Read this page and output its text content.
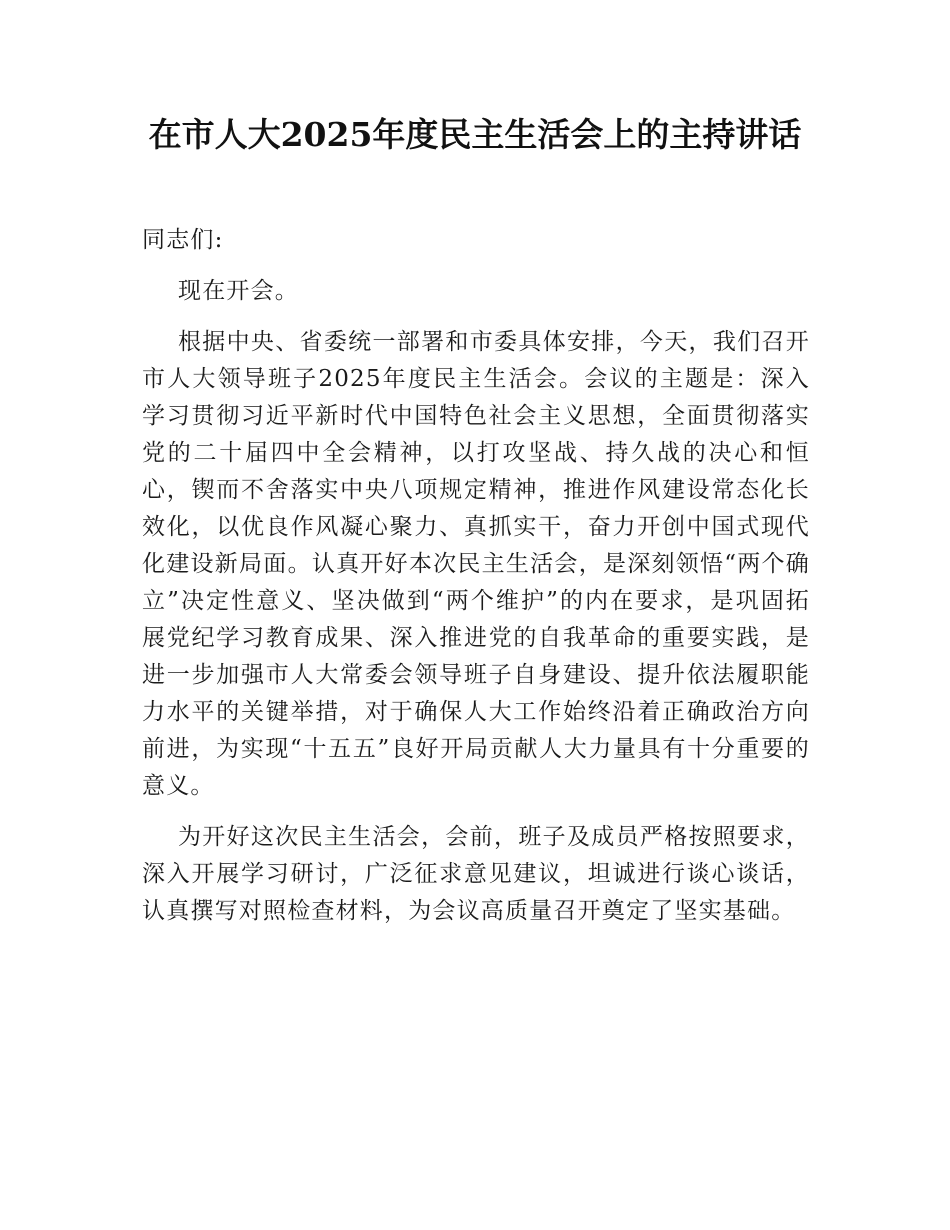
在市人大2025年度民主生活会上的主持讲话

同志们:

现在开会。

根据中央、省委统一部署和市委具体安排，今天，我们召开市人大领导班子2025年度民主生活会。会议的主题是：深入学习贯彻习近平新时代中国特色社会主义思想，全面贯彻落实党的二十届四中全会精神，以打攻坚战、持久战的决心和恒心，锲而不舍落实中央八项规定精神，推进作风建设常态化长效化，以优良作风凝心聚力、真抓实干，奋力开创中国式现代化建设新局面。认真开好本次民主生活会，是深刻领悟“两个确立”决定性意义、坚决做到“两个维护”的内在要求，是巩固拓展党纪学习教育成果、深入推进党的自我革命的重要实践，是进一步加强市人大常委会领导班子自身建设、提升依法履职能力水平的关键举措，对于确保人大工作始终沿着正确政治方向前进，为实现“十五五”良好开局贡献人大力量具有十分重要的意义。

为开好这次民主生活会，会前，班子及成员严格按照要求，深入开展学习研讨，广泛征求意见建议，坦诚进行谈心谈话，认真撰写对照检查材料，为会议高质量召开奠定了坚实基础。
